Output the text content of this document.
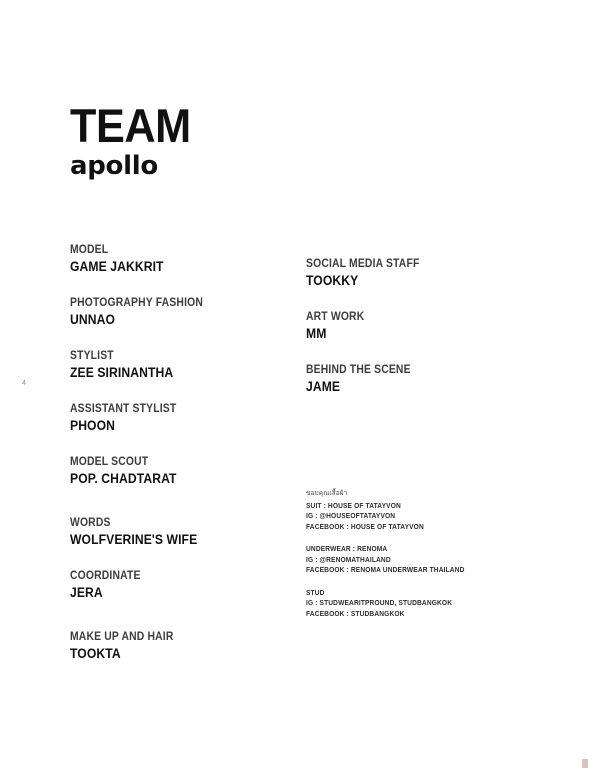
TEAM
apollo
4
MODEL
GAME JAKKRIT
PHOTOGRAPHY FASHION
UNNAO
STYLIST
ZEE SIRINANTHA
ASSISTANT STYLIST
PHOON
MODEL SCOUT
POP. CHADTARAT
WORDS
WOLFVERINE'S WIFE
COORDINATE
JERA
MAKE UP AND HAIR
TOOKTA
SOCIAL MEDIA STAFF
TOOKKY
ART WORK
MM
BEHIND THE SCENE
JAME
ขอบคุณเสื้อผ้า
SUIT : HOUSE OF TATAYVON
IG : @HOUSEOFTATAYVON
FACEBOOK : HOUSE OF TATAYVON
UNDERWEAR : RENOMA
IG : @RENOMATHAILAND
FACEBOOK : RENOMA UNDERWEAR THAILAND
STUD
IG : STUDWEARITPROUND, STUDBANGKOK
FACEBOOK : STUDBANGKOK
